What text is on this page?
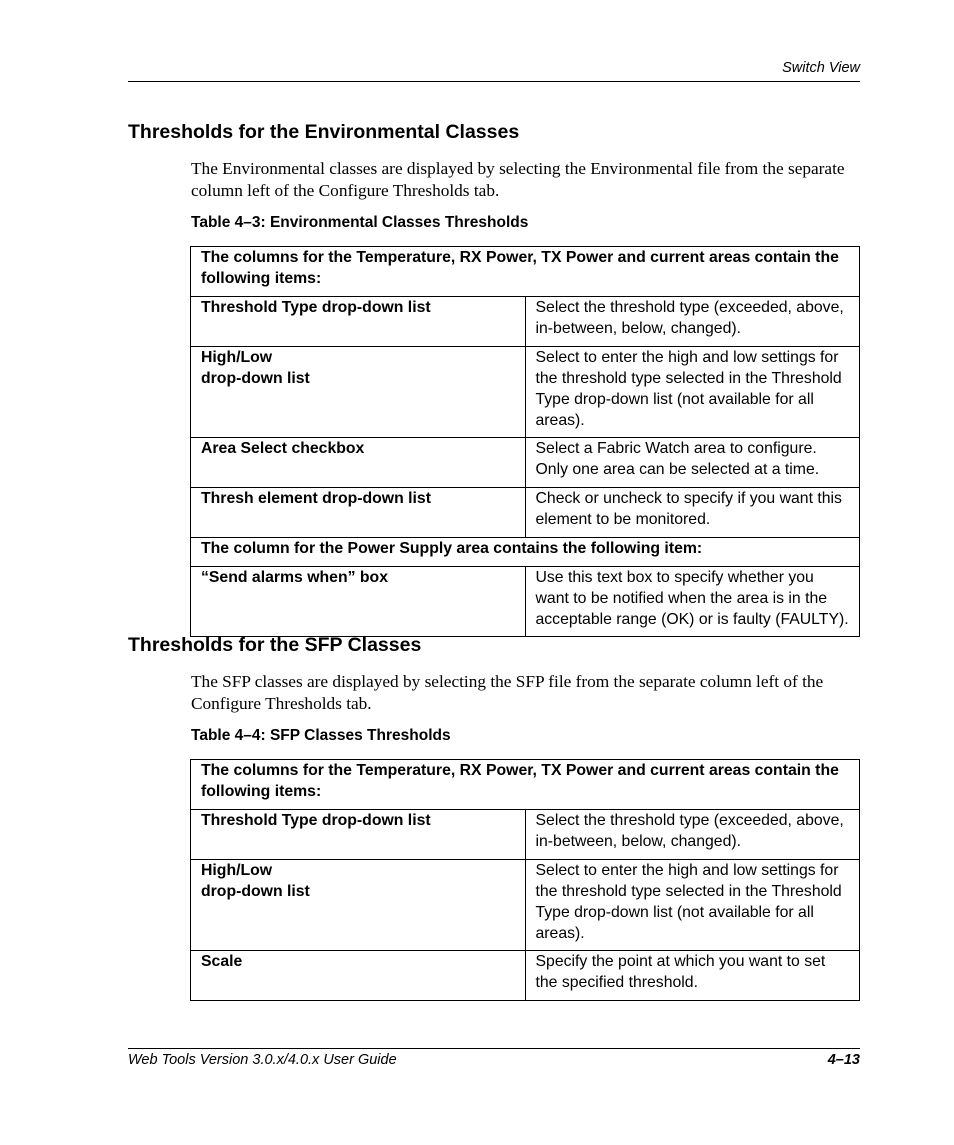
Switch View
Thresholds for the Environmental Classes

The Environmental classes are displayed by selecting the Environmental file from the separate column left of the Configure Thresholds tab.

Table 4–3: Environmental Classes Thresholds

The columns for the Temperature, RX Power, TX Power and current areas contain the following items:	
Threshold Type drop-down list	Select the threshold type (exceeded, above, in-between, below, changed).
High/Low
drop-down list	Select to enter the high and low settings for the threshold type selected in the Threshold Type drop-down list (not available for all areas).
Area Select checkbox	Select a Fabric Watch area to configure. Only one area can be selected at a time.
Thresh element drop-down list	Check or uncheck to specify if you want this element to be monitored.
The column for the Power Supply area contains the following item:	
“Send alarms when” box	Use this text box to specify whether you want to be notified when the area is in the acceptable range (OK) or is faulty (FAULTY).
Thresholds for the SFP Classes

The SFP classes are displayed by selecting the SFP file from the separate column left of the Configure Thresholds tab.

Table 4–4: SFP Classes Thresholds

The columns for the Temperature, RX Power, TX Power and current areas contain the following items:	
Threshold Type drop-down list	Select the threshold type (exceeded, above, in-between, below, changed).
High/Low
drop-down list	Select to enter the high and low settings for the threshold type selected in the Threshold Type drop-down list (not available for all areas).
Scale	Specify the point at which you want to set the specified threshold.
Web Tools Version 3.0.x/4.0.x User Guide	4–13
